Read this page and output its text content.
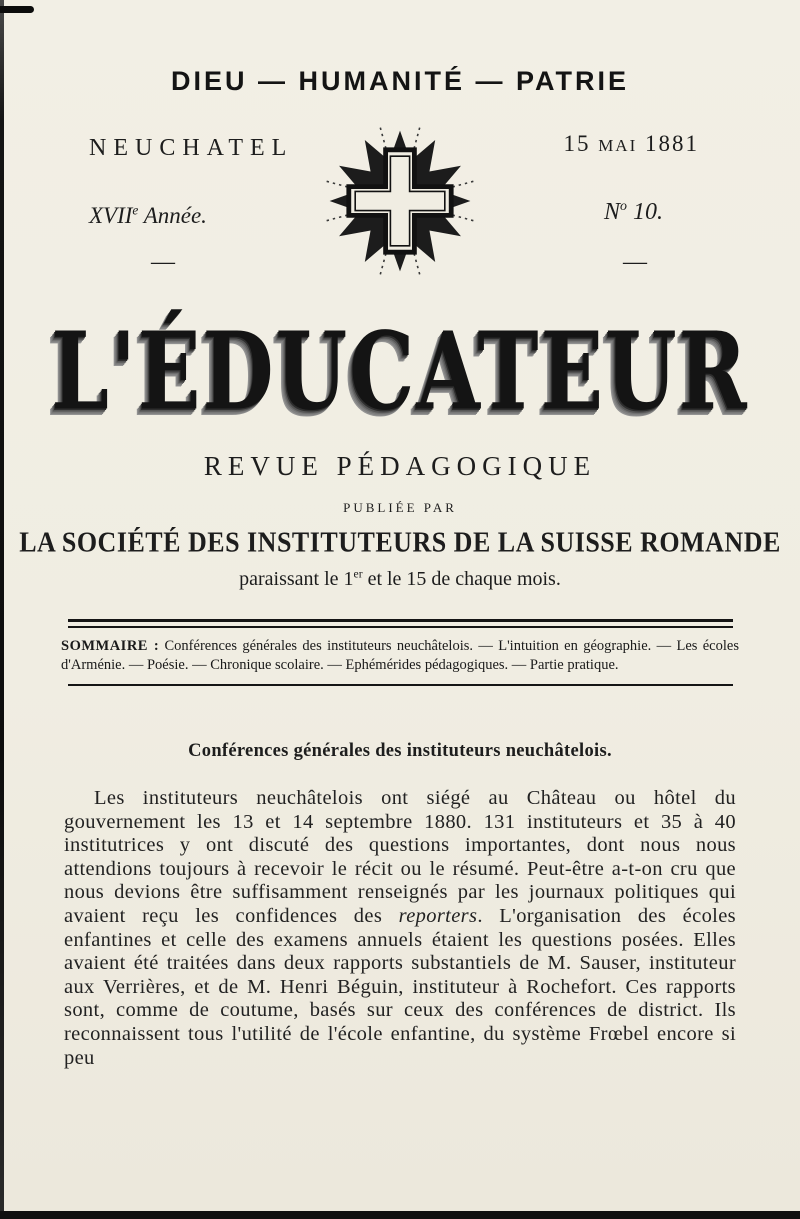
DIEU — HUMANITÉ — PATRIE
NEUCHATEL
XVIIe Année.
—
15 MAI 1881
$N^o$ 10.
—
L'ÉDUCATEUR
REVUE PÉDAGOGIQUE
PUBLIÉE PAR
LA SOCIÉTÉ DES INSTITUTEURS DE LA SUISSE ROMANDE
paraissant le 1er et le 15 de chaque mois.

SOMMAIRE : Conférences générales des instituteurs neuchâtelois. — L'intuition en géographie. — Les écoles d'Arménie. — Poésie. — Chronique scolaire. — Ephémérides pédagogiques. — Partie pratique.

Conférences générales des instituteurs neuchâtelois.

Les instituteurs neuchâtelois ont siégé au Château ou hôtel du gouvernement les 13 et 14 septembre 1880. 131 instituteurs et 35 à 40 institutrices y ont discuté des questions importantes, dont nous nous attendions toujours à recevoir le récit ou le résumé. Peut-être a-t-on cru que nous devions être suffisamment renseignés par les journaux politiques qui avaient reçu les confidences des reporters. L'organisation des écoles enfantines et celle des examens annuels étaient les questions posées. Elles avaient été traitées dans deux rapports substantiels de M. Sauser, instituteur aux Verrières, et de M. Henri Béguin, instituteur à Rochefort. Ces rapports sont, comme de coutume, basés sur ceux des conférences de district. Ils reconnaissent tous l'utilité de l'école enfantine, du système Frœbel encore si peu
